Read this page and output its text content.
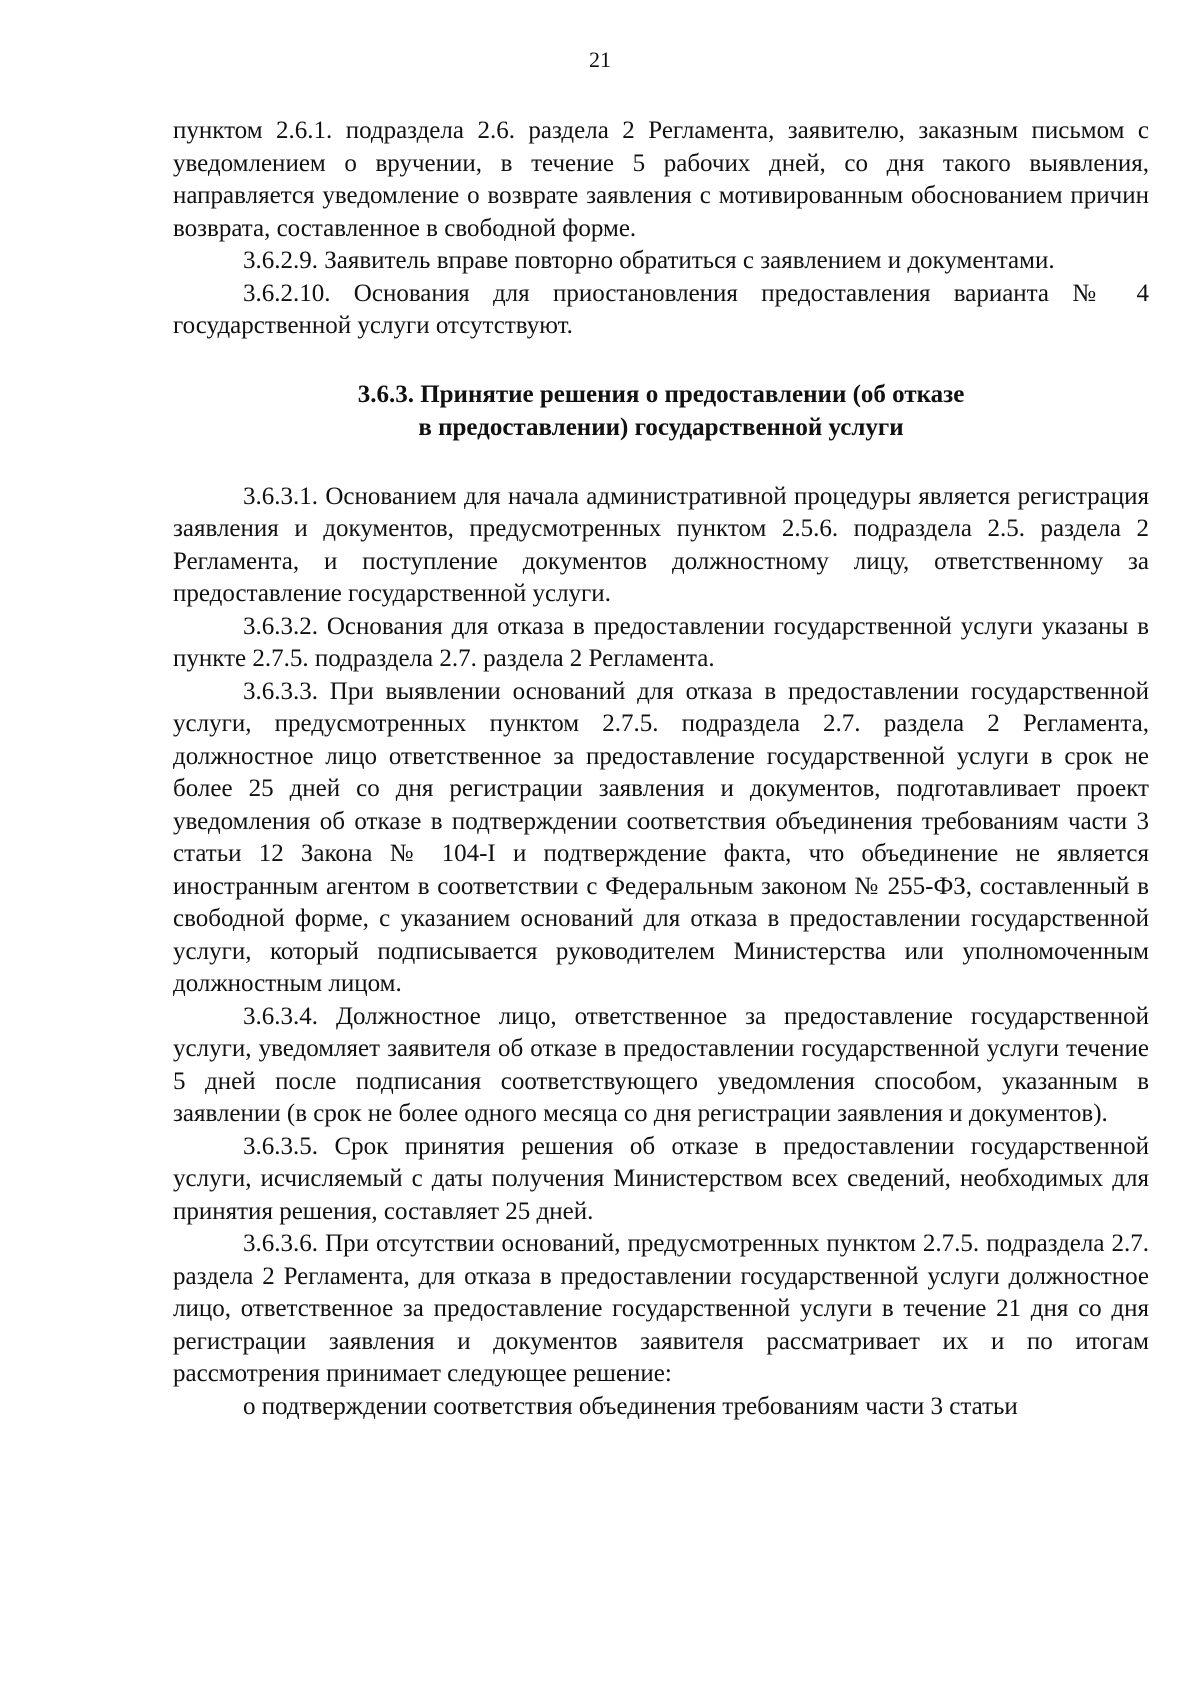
21

пунктом 2.6.1. подраздела 2.6. раздела 2 Регламента, заявителю, заказным письмом с уведомлением о вручении, в течение 5 рабочих дней, со дня такого выявления, направляется уведомление о возврате заявления с мотивированным обоснованием причин возврата, составленное в свободной форме.

3.6.2.9. Заявитель вправе повторно обратиться с заявлением и документами.

3.6.2.10. Основания для приостановления предоставления варианта № 4 государственной услуги отсутствуют.

3.6.3. Принятие решения о предоставлении (об отказе
в предоставлении) государственной услуги

3.6.3.1. Основанием для начала административной процедуры является регистрация заявления и документов, предусмотренных пунктом 2.5.6. подраздела 2.5. раздела 2 Регламента, и поступление документов должностному лицу, ответственному за предоставление государственной услуги.

3.6.3.2. Основания для отказа в предоставлении государственной услуги указаны в пункте 2.7.5. подраздела 2.7. раздела 2 Регламента.

3.6.3.3. При выявлении оснований для отказа в предоставлении государственной услуги, предусмотренных пунктом 2.7.5. подраздела 2.7. раздела 2 Регламента, должностное лицо ответственное за предоставление государственной услуги в срок не более 25 дней со дня регистрации заявления и документов, подготавливает проект уведомления об отказе в подтверждении соответствия объединения требованиям части 3 статьи 12 Закона № 104-I и подтверждение факта, что объединение не является иностранным агентом в соответствии с Федеральным законом № 255-ФЗ, составленный в свободной форме, с указанием оснований для отказа в предоставлении государственной услуги, который подписывается руководителем Министерства или уполномоченным должностным лицом.

3.6.3.4. Должностное лицо, ответственное за предоставление государственной услуги, уведомляет заявителя об отказе в предоставлении государственной услуги течение 5 дней после подписания соответствующего уведомления способом, указанным в заявлении (в срок не более одного месяца со дня регистрации заявления и документов).

3.6.3.5. Срок принятия решения об отказе в предоставлении государственной услуги, исчисляемый с даты получения Министерством всех сведений, необходимых для принятия решения, составляет 25 дней.

3.6.3.6. При отсутствии оснований, предусмотренных пунктом 2.7.5. подраздела 2.7. раздела 2 Регламента, для отказа в предоставлении государственной услуги должностное лицо, ответственное за предоставление государственной услуги в течение 21 дня со дня регистрации заявления и документов заявителя рассматривает их и по итогам рассмотрения принимает следующее решение:

о подтверждении соответствия объединения требованиям части 3 статьи
